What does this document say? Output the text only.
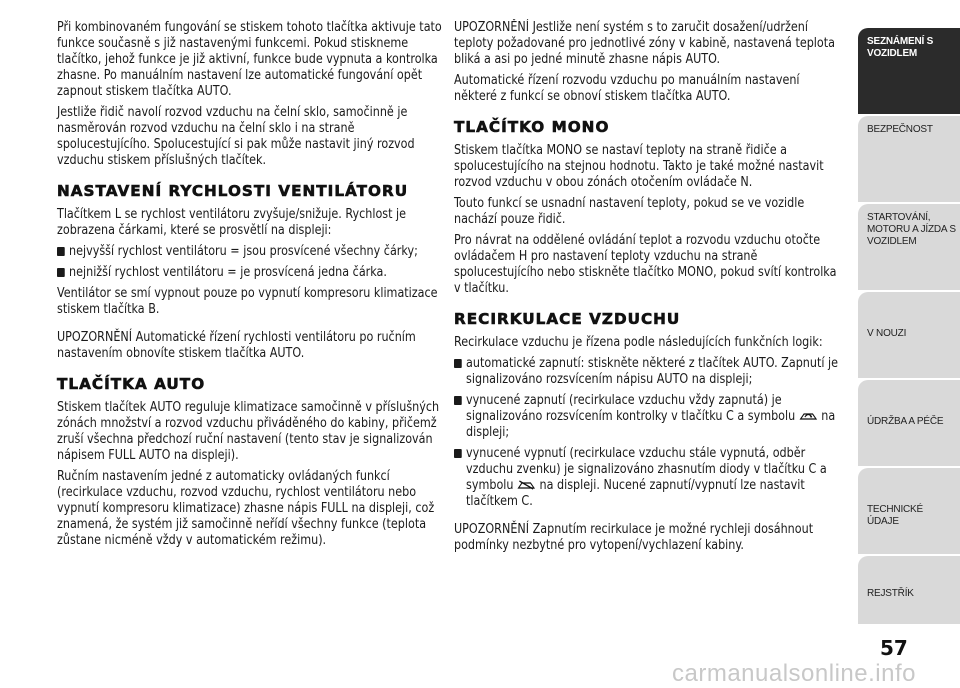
Při kombinovaném fungování se stiskem tohoto tlačítka aktivuje tato funkce současně s již nastavenými funkcemi. Pokud stiskneme tlačítko, jehož funkce je již aktivní, funkce bude vypnuta a kontrolka zhasne. Po manuálním nastavení lze automatické fungování opět zapnout stiskem tlačítka AUTO.

Jestliže řidič navolí rozvod vzduchu na čelní sklo, samočinně je nasměrován rozvod vzduchu na čelní sklo i na straně spolucestujícího. Spolucestující si pak může nastavit jiný rozvod vzduchu stiskem příslušných tlačítek.

NASTAVENÍ RYCHLOSTI VENTILÁTORU

Tlačítkem L se rychlost ventilátoru zvyšuje/snižuje. Rychlost je zobrazena čárkami, které se prosvětlí na displeji:

nejvyšší rychlost ventilátoru = jsou prosvícené všechny čárky;
nejnižší rychlost ventilátoru = je prosvícená jedna čárka.

Ventilátor se smí vypnout pouze po vypnutí kompresoru klimatizace stiskem tlačítka B.

UPOZORNĚNÍ Automatické řízení rychlosti ventilátoru po ručním nastavením obnovíte stiskem tlačítka AUTO.

TLAČÍTKA AUTO

Stiskem tlačítek AUTO reguluje klimatizace samočinně v příslušných zónách množství a rozvod vzduchu přiváděného do kabiny, přičemž zruší všechna předchozí ruční nastavení (tento stav je signalizován nápisem FULL AUTO na displeji).

Ručním nastavením jedné z automaticky ovládaných funkcí (recirkulace vzduchu, rozvod vzduchu, rychlost ventilátoru nebo vypnutí kompresoru klimatizace) zhasne nápis FULL na displeji, což znamená, že systém již samočinně neřídí všechny funkce (teplota zůstane nicméně vždy v automatickém režimu).

UPOZORNĚNÍ Jestliže není systém s to zaručit dosažení/udržení teploty požadované pro jednotlivé zóny v kabině, nastavená teplota bliká a asi po jedné minutě zhasne nápis AUTO.

Automatické řízení rozvodu vzduchu po manuálním nastavení některé z funkcí se obnoví stiskem tlačítka AUTO.

TLAČÍTKO MONO

Stiskem tlačítka MONO se nastaví teploty na straně řidiče a spolucestujícího na stejnou hodnotu. Takto je také možné nastavit rozvod vzduchu v obou zónách otočením ovládače N.

Touto funkcí se usnadní nastavení teploty, pokud se ve vozidle nachází pouze řidič.

Pro návrat na oddělené ovládání teplot a rozvodu vzduchu otočte ovládačem H pro nastavení teploty vzduchu na straně spolucestujícího nebo stiskněte tlačítko MONO, pokud svítí kontrolka v tlačítku.

RECIRKULACE VZDUCHU

Recirkulace vzduchu je řízena podle následujících funkčních logik:

automatické zapnutí: stiskněte některé z tlačítek AUTO. Zapnutí je signalizováno rozsvícením nápisu AUTO na displeji;
vynucené zapnutí (recirkulace vzduchu vždy zapnutá) je signalizováno rozsvícením kontrolky v tlačítku C a symbolu na displeji;
vynucené vypnutí (recirkulace vzduchu stále vypnutá, odběr vzduchu zvenku) je signalizováno zhasnutím diody v tlačítku C a symbolu na displeji. Nucené zapnutí/vypnutí lze nastavit tlačítkem C.

UPOZORNĚNÍ Zapnutím recirkulace je možné rychleji dosáhnout podmínky nezbytné pro vytopení/vychlazení kabiny.

SEZNÁMENÍ S
VOZIDLEM
BEZPEČNOST
STARTOVÁNÍ,
MOTORU A JÍZDA S
VOZIDLEM
V NOUZI
ÚDRŽBA A PÉČE
TECHNICKÉ ÚDAJE
REJSTŘÍK
57
carmanualsonline.info
